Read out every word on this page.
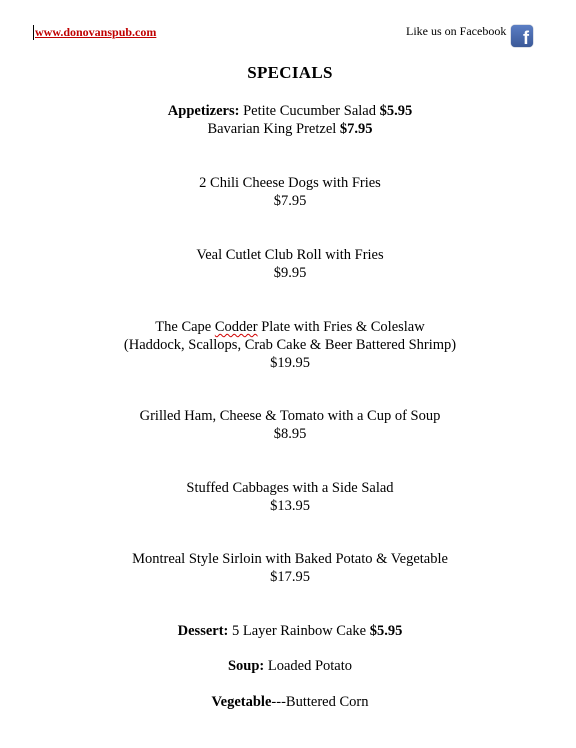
www.donovanspub.com	Like us on Facebook f
SPECIALS
Appetizers: Petite Cucumber Salad $5.95
Bavarian King Pretzel $7.95
2 Chili Cheese Dogs with Fries
$7.95
Veal Cutlet Club Roll with Fries
$9.95
The Cape Codder Plate with Fries & Coleslaw
(Haddock, Scallops, Crab Cake & Beer Battered Shrimp)
$19.95
Grilled Ham, Cheese & Tomato with a Cup of Soup
$8.95
Stuffed Cabbages with a Side Salad
$13.95
Montreal Style Sirloin with Baked Potato & Vegetable
$17.95
Dessert: 5 Layer Rainbow Cake $5.95
Soup: Loaded Potato
Vegetable---Buttered Corn
